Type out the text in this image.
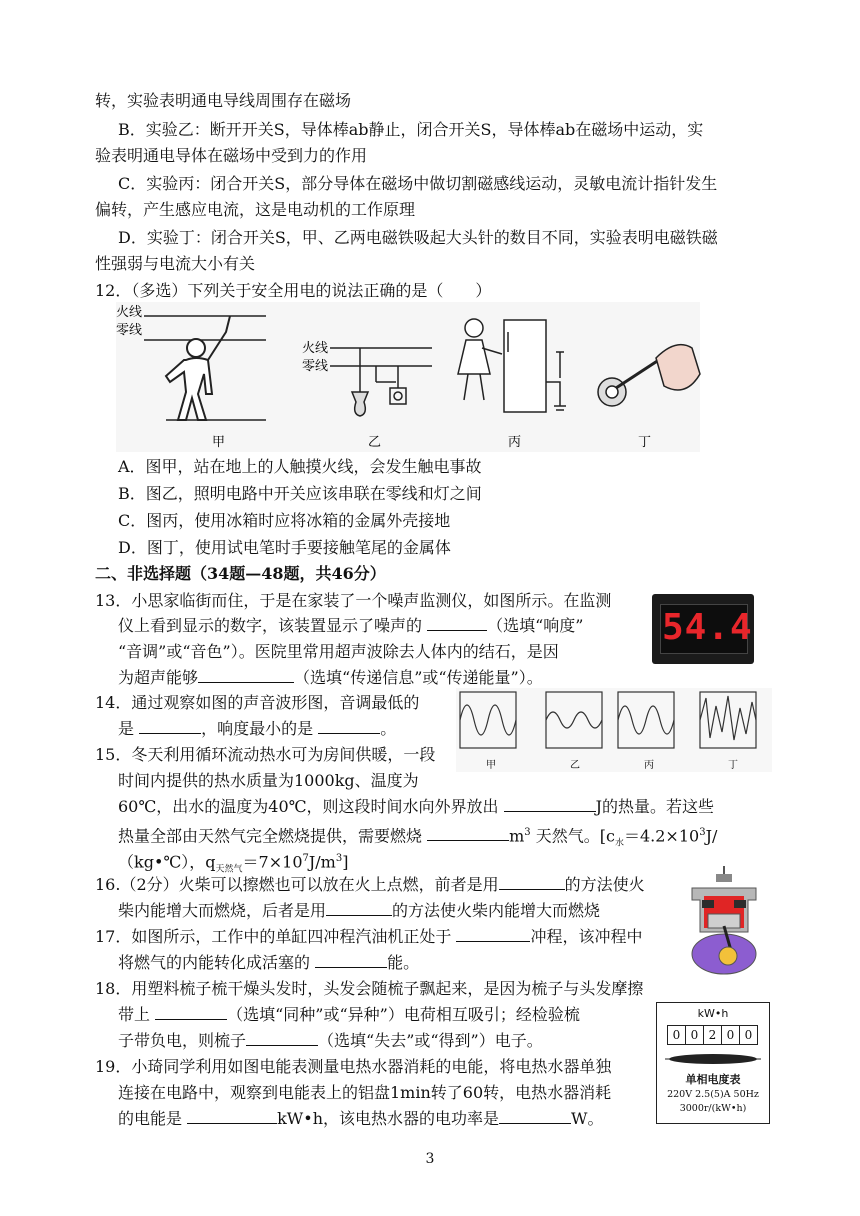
转，实验表明通电导线周围存在磁场
B．实验乙：断开开关S，导体棒ab静止，闭合开关S，导体棒ab在磁场中运动，实
验表明通电导体在磁场中受到力的作用
C．实验丙：闭合开关S，部分导体在磁场中做切割磁感线运动，灵敏电流计指针发生
偏转，产生感应电流，这是电动机的工作原理
D．实验丁：闭合开关S，甲、乙两电磁铁吸起大头针的数目不同，实验表明电磁铁磁
性强弱与电流大小有关
12．（多选）下列关于安全用电的说法正确的是（　　）
火线
零线
火线
零线
甲	乙	丙	丁
A．图甲，站在地上的人触摸火线，会发生触电事故
B．图乙，照明电路中开关应该串联在零线和灯之间
C．图丙，使用冰箱时应将冰箱的金属外壳接地
D．图丁，使用试电笔时手要接触笔尾的金属体
二、非选择题（34题—48题，共46分）
13．小思家临街而住，于是在家装了一个噪声监测仪，如图所示。在监测
仪上看到显示的数字，该装置显示了噪声的	（选填“响度”
“音调”或“音色”）。医院里常用超声波除去人体内的结石，是因
为超声能够	（选填“传递信息”或“传递能量”）。
54.4
14．通过观察如图的声音波形图，音调最低的
是	，响度最小的是	。
甲	乙	丙	丁
15．冬天利用循环流动热水可为房间供暖，一段
时间内提供的热水质量为1000kg、温度为
60℃，出水的温度为40℃，则这段时间水向外界放出	J的热量。若这些
热量全部由天然气完全燃烧提供，需要燃烧	$m^3$ 天然气。[$c_水=4.2\times 10^3J/$
（kg•℃），$q_{天然气}=7\times 10^7J/m^3$]
16.（2分）火柴可以擦燃也可以放在火上点燃，前者是用	的方法使火
柴内能增大而燃烧，后者是用	的方法使火柴内能增大而燃烧
17．如图所示，工作中的单缸四冲程汽油机正处于	冲程，该冲程中
将燃气的内能转化成活塞的	能。
18．用塑料梳子梳干燥头发时，头发会随梳子飘起来，是因为梳子与头发摩擦
带上	（选填“同种”或“异种”）电荷相互吸引；经检验梳
子带负电，则梳子	（选填“失去”或“得到”）电子。
19．小琦同学利用如图电能表测量电热水器消耗的电能，将电热水器单独
连接在电路中，观察到电能表上的铝盘1min转了60转，电热水器消耗
的电能是	kW•h，该电热水器的电功率是	W。
kW•h
0 0 2 0 0
单相电度表
220V 2.5(5)A 50Hz
3000r/(kW•h)
3
